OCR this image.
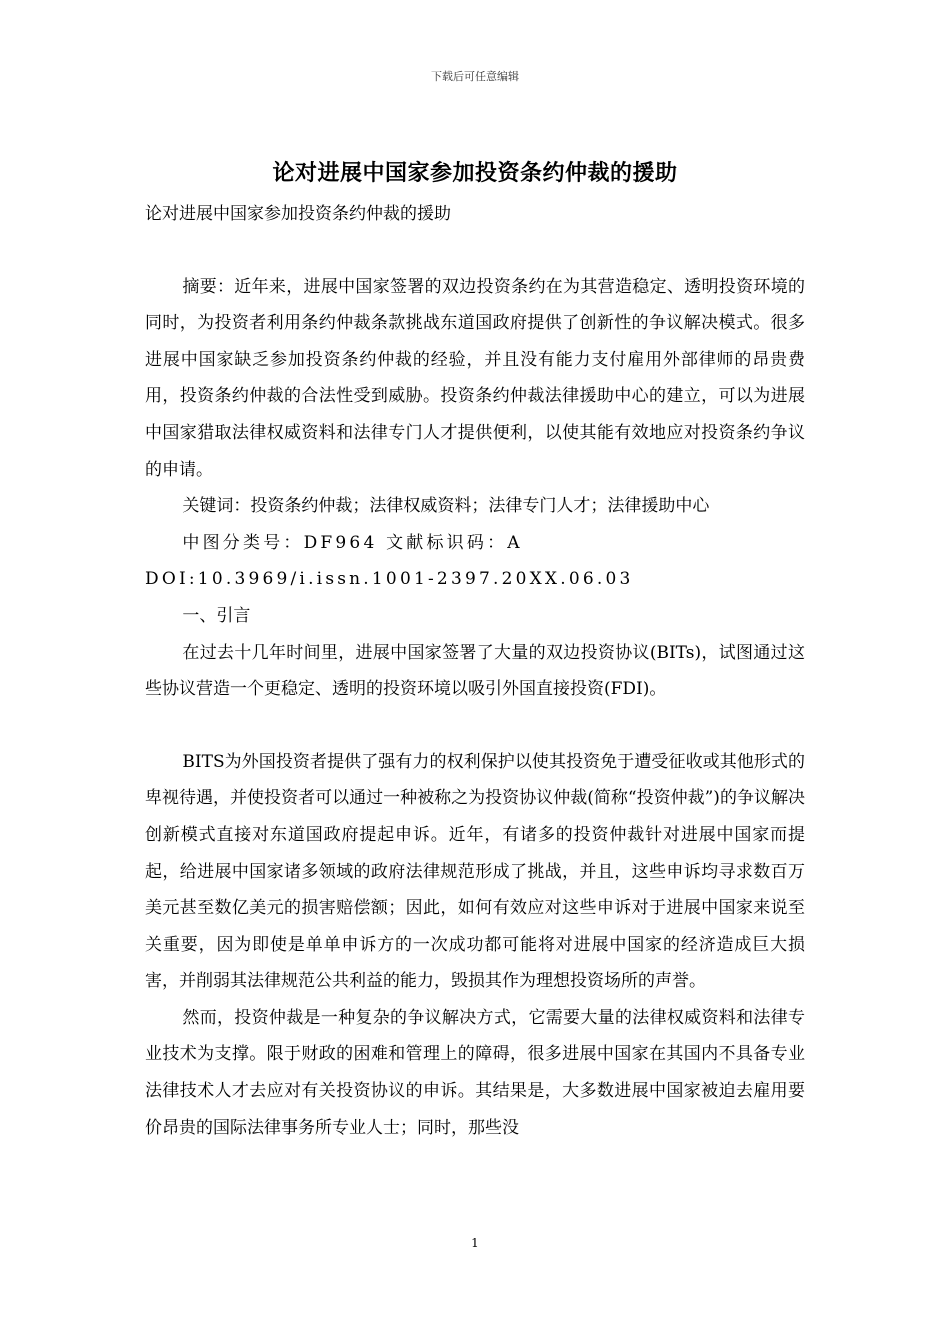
下载后可任意编辑
论对进展中国家参加投资条约仲裁的援助

论对进展中国家参加投资条约仲裁的援助

摘要：近年来，进展中国家签署的双边投资条约在为其营造稳定、透明投资环境的同时，为投资者利用条约仲裁条款挑战东道国政府提供了创新性的争议解决模式。很多进展中国家缺乏参加投资条约仲裁的经验，并且没有能力支付雇用外部律师的昂贵费用，投资条约仲裁的合法性受到威胁。投资条约仲裁法律援助中心的建立，可以为进展中国家猎取法律权威资料和法律专门人才提供便利，以使其能有效地应对投资条约争议的申请。

关键词：投资条约仲裁；法律权威资料；法律专门人才；法律援助中心

中图分类号：DF964 文献标识码：A DOI:10.3969/i.issn.1001-2397.20XX.06.03

一、引言

在过去十几年时间里，进展中国家签署了大量的双边投资协议(BITs)，试图通过这些协议营造一个更稳定、透明的投资环境以吸引外国直接投资(FDI)。

BITS为外国投资者提供了强有力的权利保护以使其投资免于遭受征收或其他形式的卑视待遇，并使投资者可以通过一种被称之为投资协议仲裁(简称“投资仲裁”)的争议解决创新模式直接对东道国政府提起申诉。近年，有诸多的投资仲裁针对进展中国家而提起，给进展中国家诸多领域的政府法律规范形成了挑战，并且，这些申诉均寻求数百万美元甚至数亿美元的损害赔偿额；因此，如何有效应对这些申诉对于进展中国家来说至关重要，因为即使是单单申诉方的一次成功都可能将对进展中国家的经济造成巨大损害，并削弱其法律规范公共利益的能力，毁损其作为理想投资场所的声誉。

然而，投资仲裁是一种复杂的争议解决方式，它需要大量的法律权威资料和法律专业技术为支撑。限于财政的困难和管理上的障碍，很多进展中国家在其国内不具备专业法律技术人才去应对有关投资协议的申诉。其结果是，大多数进展中国家被迫去雇用要价昂贵的国际法律事务所专业人士；同时，那些没

1
